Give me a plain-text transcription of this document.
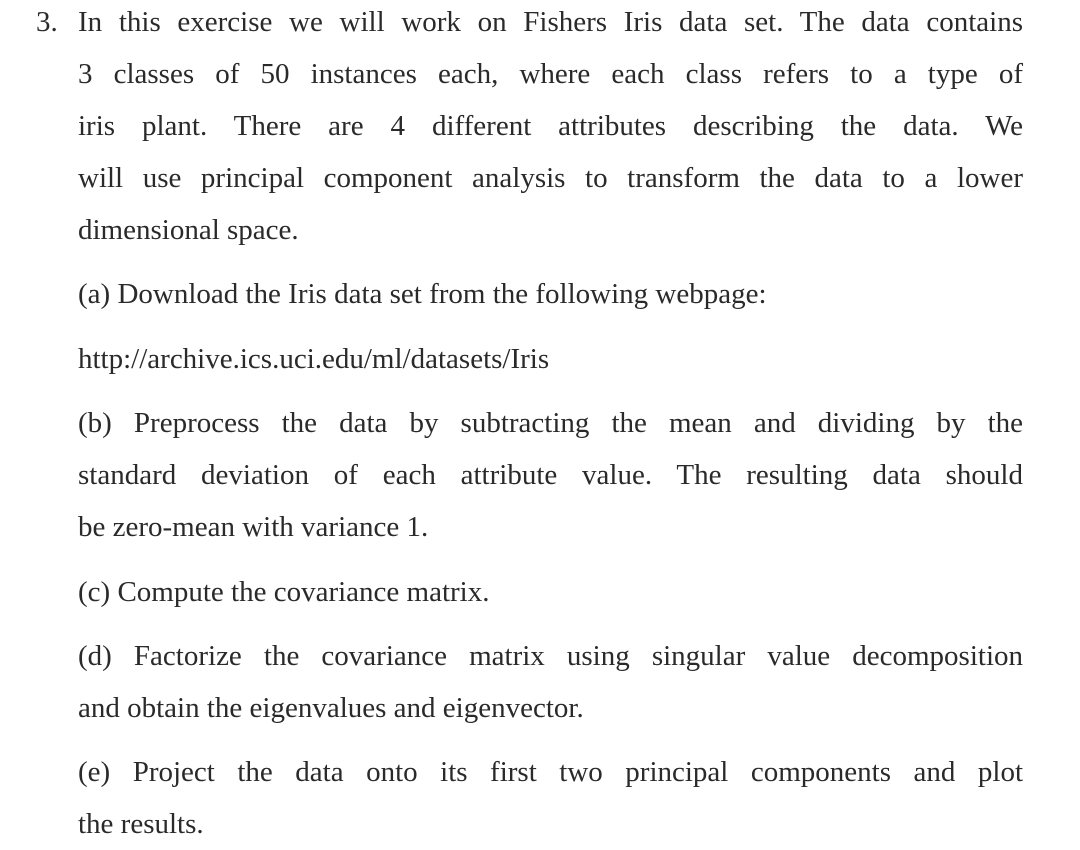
3. In this exercise we will work on Fishers Iris data set. The data contains
3 classes of 50 instances each, where each class refers to a type of
iris plant. There are 4 different attributes describing the data. We
will use principal component analysis to transform the data to a lower
dimensional space.
(a) Download the Iris data set from the following webpage:
http://archive.ics.uci.edu/ml/datasets/Iris
(b) Preprocess the data by subtracting the mean and dividing by the
standard deviation of each attribute value. The resulting data should
be zero-mean with variance 1.
(c) Compute the covariance matrix.
(d) Factorize the covariance matrix using singular value decomposition
and obtain the eigenvalues and eigenvector.
(e) Project the data onto its first two principal components and plot
the results.
